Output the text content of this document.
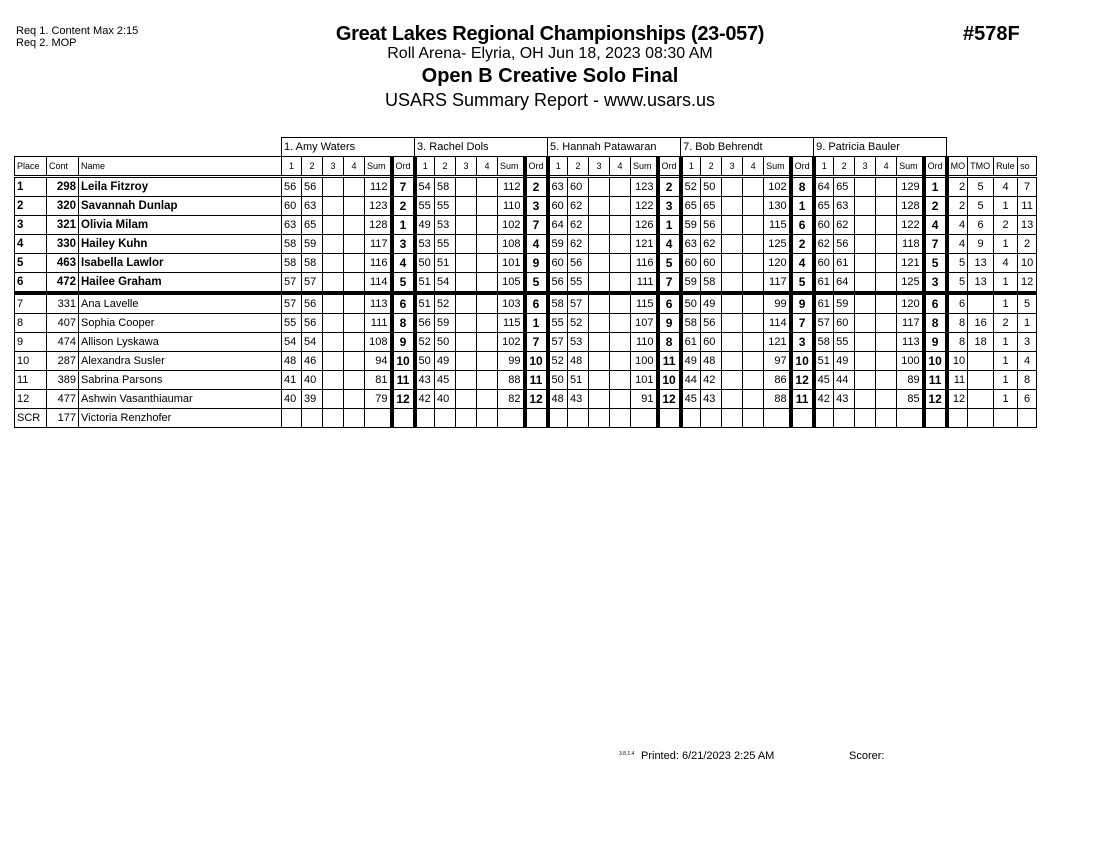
Req 1. Content Max 2:15
Req 2. MOP	Great Lakes Regional Championships (23-057)
Roll Arena- Elyria, OH Jun 18, 2023 08:30 AM
Open B Creative Solo Final
USARS Summary Report - www.usars.us
#578F
			1. Amy Waters						3. Rachel Dols						5. Hannah Patawaran						7. Bob Behrendt						9. Patricia Bauler									
Place	Cont	Name	1	2	3	4	Sum	Ord	1	2	3	4	Sum	Ord	1	2	3	4	Sum	Ord	1	2	3	4	Sum	Ord	1	2	3	4	Sum	Ord	MO	TMO	Rule	so
1	298	Leila Fitzroy	56	56			112	7	54	58			112	2	63	60			123	2	52	50			102	8	64	65			129	1	2	5	4	7
2	320	Savannah Dunlap	60	63			123	2	55	55			110	3	60	62			122	3	65	65			130	1	65	63			128	2	2	5	1	11
3	321	Olivia Milam	63	65			128	1	49	53			102	7	64	62			126	1	59	56			115	6	60	62			122	4	4	6	2	13
4	330	Hailey Kuhn	58	59			117	3	53	55			108	4	59	62			121	4	63	62			125	2	62	56			118	7	4	9	1	2
5	463	Isabella Lawlor	58	58			116	4	50	51			101	9	60	56			116	5	60	60			120	4	60	61			121	5	5	13	4	10
6	472	Hailee Graham	57	57			114	5	51	54			105	5	56	55			111	7	59	58			117	5	61	64			125	3	5	13	1	12
7	331	Ana Lavelle	57	56			113	6	51	52			103	6	58	57			115	6	50	49			99	9	61	59			120	6	6		1	5
8	407	Sophia Cooper	55	56			111	8	56	59			115	1	55	52			107	9	58	56			114	7	57	60			117	8	8	16	2	1
9	474	Allison Lyskawa	54	54			108	9	52	50			102	7	57	53			110	8	61	60			121	3	58	55			113	9	8	18	1	3
10	287	Alexandra Susler	48	46			94	10	50	49			99	10	52	48			100	11	49	48			97	10	51	49			100	10	10		1	4
11	389	Sabrina Parsons	41	40			81	11	43	45			88	11	50	51			101	10	44	42			86	12	45	44			89	11	11		1	8
12	477	Ashwin Vasanthiaumar	40	39			79	12	42	40			82	12	48	43			91	12	45	43			88	11	42	43			85	12	12		1	6
SCR	177	Victoria Renzhofer																																		
3.8.1.4 Printed: 6/21/2023 2:25 AM	Scorer:
